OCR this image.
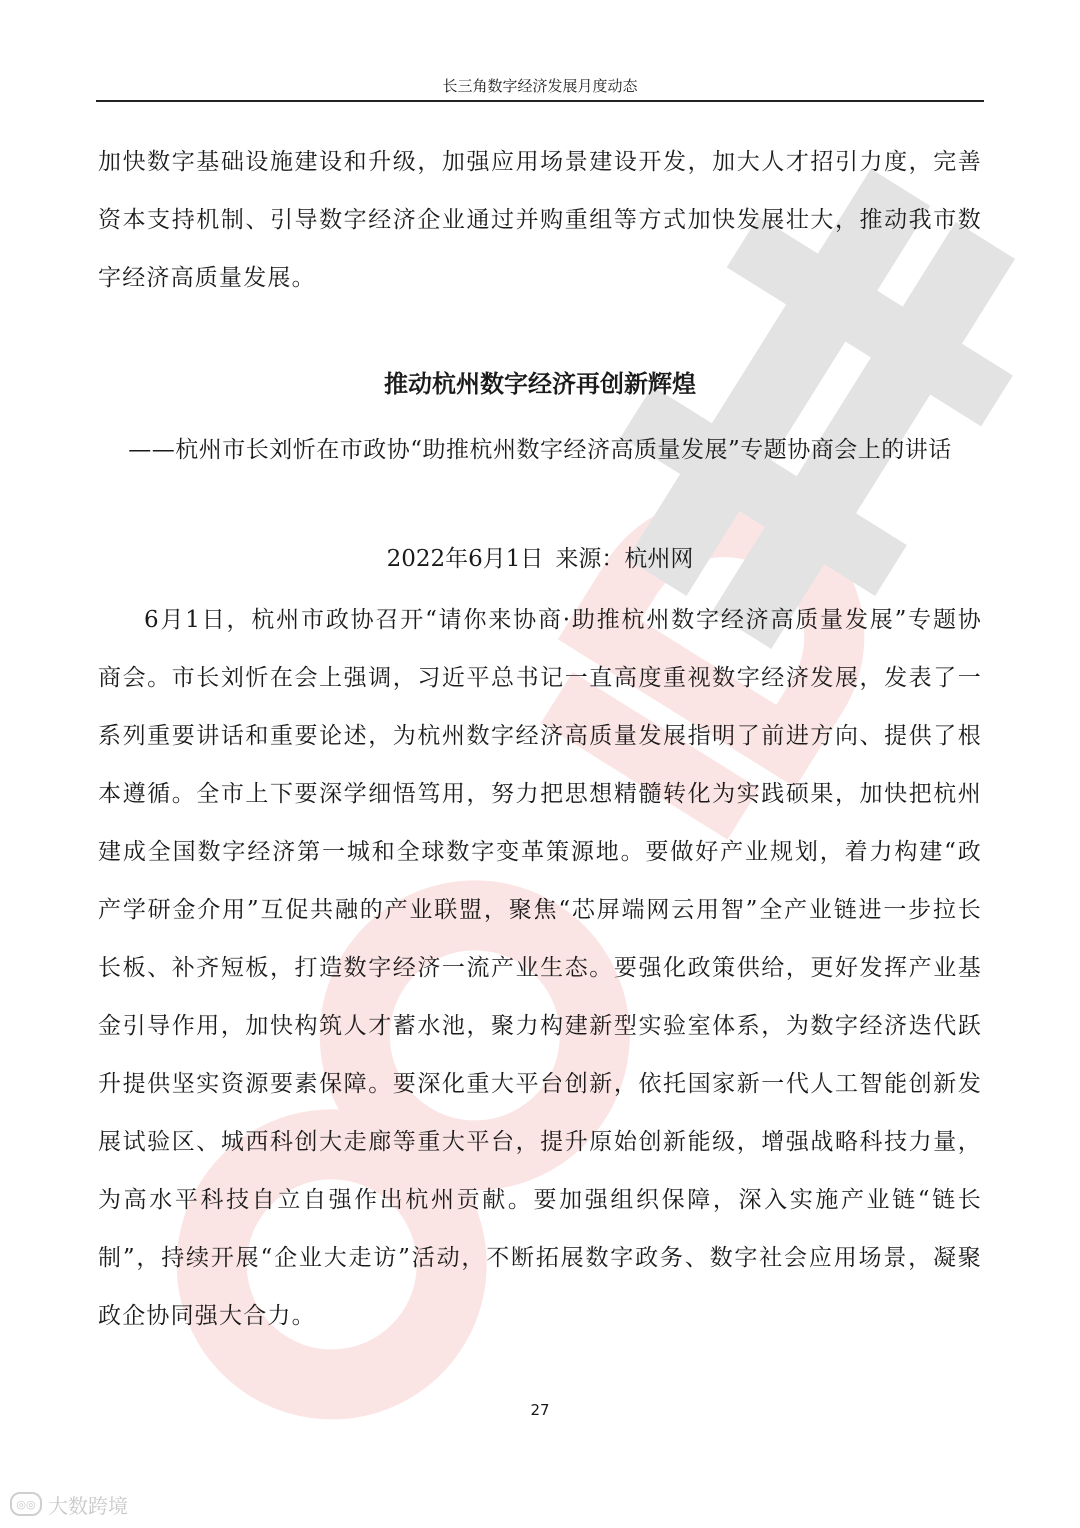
长三角数字经济发展月度动态

加快数字基础设施建设和升级，加强应用场景建设开发，加大人才招引力度，完善资本支持机制、引导数字经济企业通过并购重组等方式加快发展壮大，推动我市数字经济高质量发展。

推动杭州数字经济再创新辉煌

——杭州市长刘忻在市政协“助推杭州数字经济高质量发展”专题协商会上的讲话

2022年6月1日 来源：杭州网

6月1日，杭州市政协召开“请你来协商·助推杭州数字经济高质量发展”专题协商会。市长刘忻在会上强调，习近平总书记一直高度重视数字经济发展，发表了一系列重要讲话和重要论述，为杭州数字经济高质量发展指明了前进方向、提供了根本遵循。全市上下要深学细悟笃用，努力把思想精髓转化为实践硕果，加快把杭州建成全国数字经济第一城和全球数字变革策源地。要做好产业规划，着力构建“政产学研金介用”互促共融的产业联盟，聚焦“芯屏端网云用智”全产业链进一步拉长长板、补齐短板，打造数字经济一流产业生态。要强化政策供给，更好发挥产业基金引导作用，加快构筑人才蓄水池，聚力构建新型实验室体系，为数字经济迭代跃升提供坚实资源要素保障。要深化重大平台创新，依托国家新一代人工智能创新发展试验区、城西科创大走廊等重大平台，提升原始创新能级，增强战略科技力量，为高水平科技自立自强作出杭州贡献。要加强组织保障，深入实施产业链“链长制”，持续开展“企业大走访”活动，不断拓展数字政务、数字社会应用场景，凝聚政企协同强大合力。

27
◎◎ 大数跨境
